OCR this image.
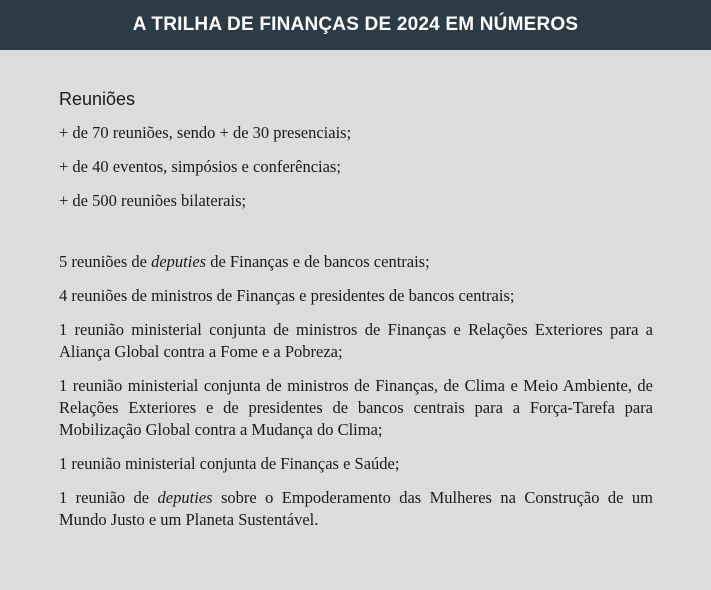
A TRILHA DE FINANÇAS DE 2024 EM NÚMEROS
Reuniões

+ de 70 reuniões, sendo + de 30 presenciais;

+ de 40 eventos, simpósios e conferências;

+ de 500 reuniões bilaterais;

5 reuniões de deputies de Finanças e de bancos centrais;

4 reuniões de ministros de Finanças e presidentes de bancos centrais;

1 reunião ministerial conjunta de ministros de Finanças e Relações Exteriores para a Aliança Global contra a Fome e a Pobreza;

1 reunião ministerial conjunta de ministros de Finanças, de Clima e Meio Ambiente, de Relações Exteriores e de presidentes de bancos centrais para a Força-Tarefa para Mobilização Global contra a Mudança do Clima;

1 reunião ministerial conjunta de Finanças e Saúde;

1 reunião de deputies sobre o Empoderamento das Mulheres na Construção de um Mundo Justo e um Planeta Sustentável.
